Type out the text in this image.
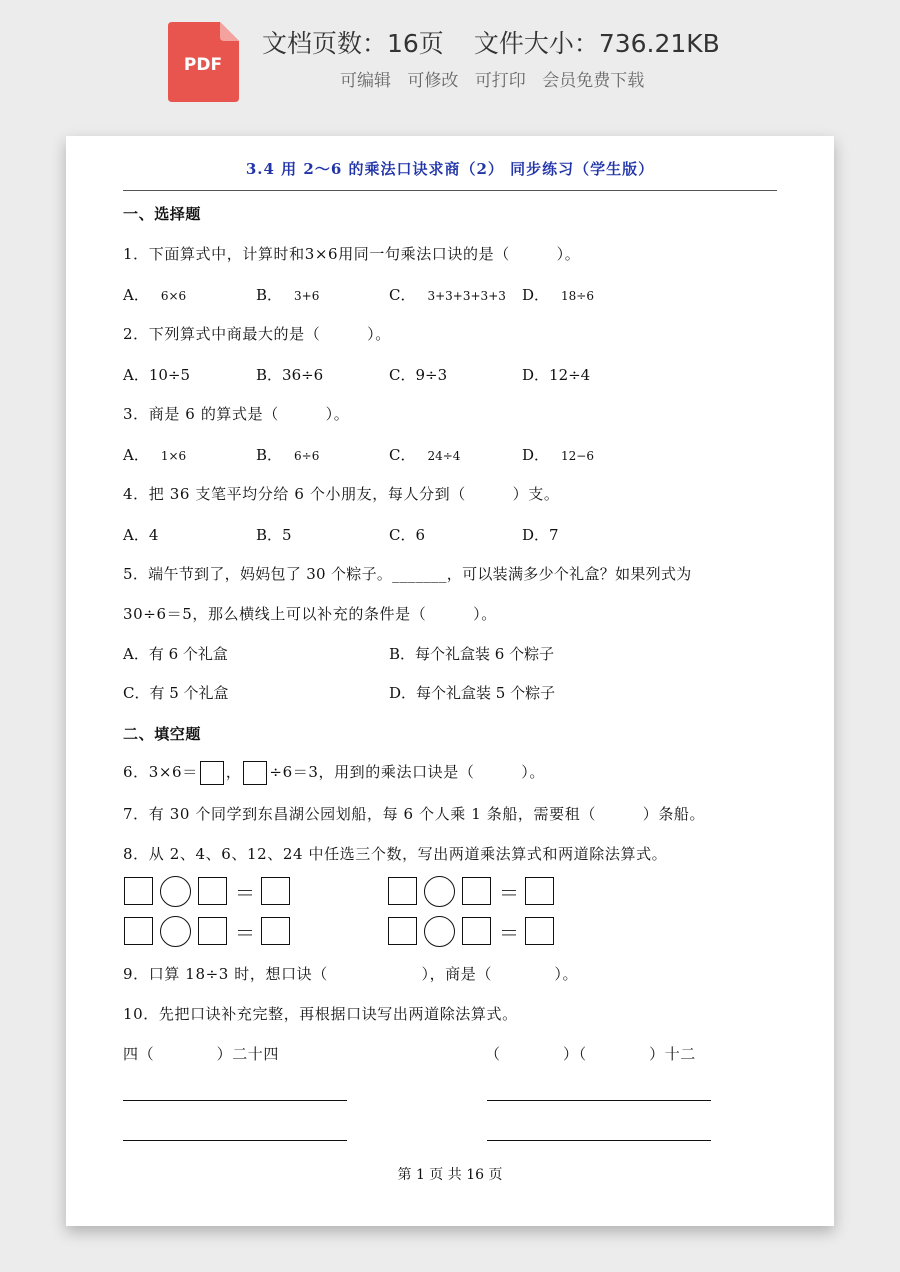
PDF
文档页数：16页 文件大小：736.21KB
可编辑 可修改 可打印 会员免费下载
3.4 用 2～6 的乘法口诀求商（2） 同步练习（学生版）
一、选择题
1．下面算式中，计算时和3×6用同一句乘法口诀的是（　　　）。
A． 6×6	B． 3+6	C． 3+3+3+3+3 D． 18÷6
2．下列算式中商最大的是（　　　）。
A．10÷5	B．36÷6	C．9÷3	D．12÷4
3．商是 6 的算式是（　　　）。
A． 1×6	B． 6÷6	C． 24÷4	D． 12−6
4．把 36 支笔平均分给 6 个小朋友，每人分到（　　　）支。
A．4	B．5	C．6	D．7
5．端午节到了，妈妈包了 30 个粽子。_______，可以装满多少个礼盒？如果列式为
30÷6＝5，那么横线上可以补充的条件是（　　　）。
A．有 6 个礼盒	B．每个礼盒装 6 个粽子
C．有 5 个礼盒	D．每个礼盒装 5 个粽子
二、填空题
6．3×6＝ ， ÷6＝3，用到的乘法口诀是（　　　）。
7．有 30 个同学到东昌湖公园划船，每 6 个人乘 1 条船，需要租（　　　）条船。
8．从 2、4、6、12、24 中任选三个数，写出两道乘法算式和两道除法算式。
＝	＝
＝	＝
9．口算 18÷3 时，想口诀（　　　　　　），商是（　　　　）。
10．先把口诀补充完整，再根据口诀写出两道除法算式。
四（　　　　）二十四	（　　　　）（　　　　）十二
第 1 页 共 16 页
